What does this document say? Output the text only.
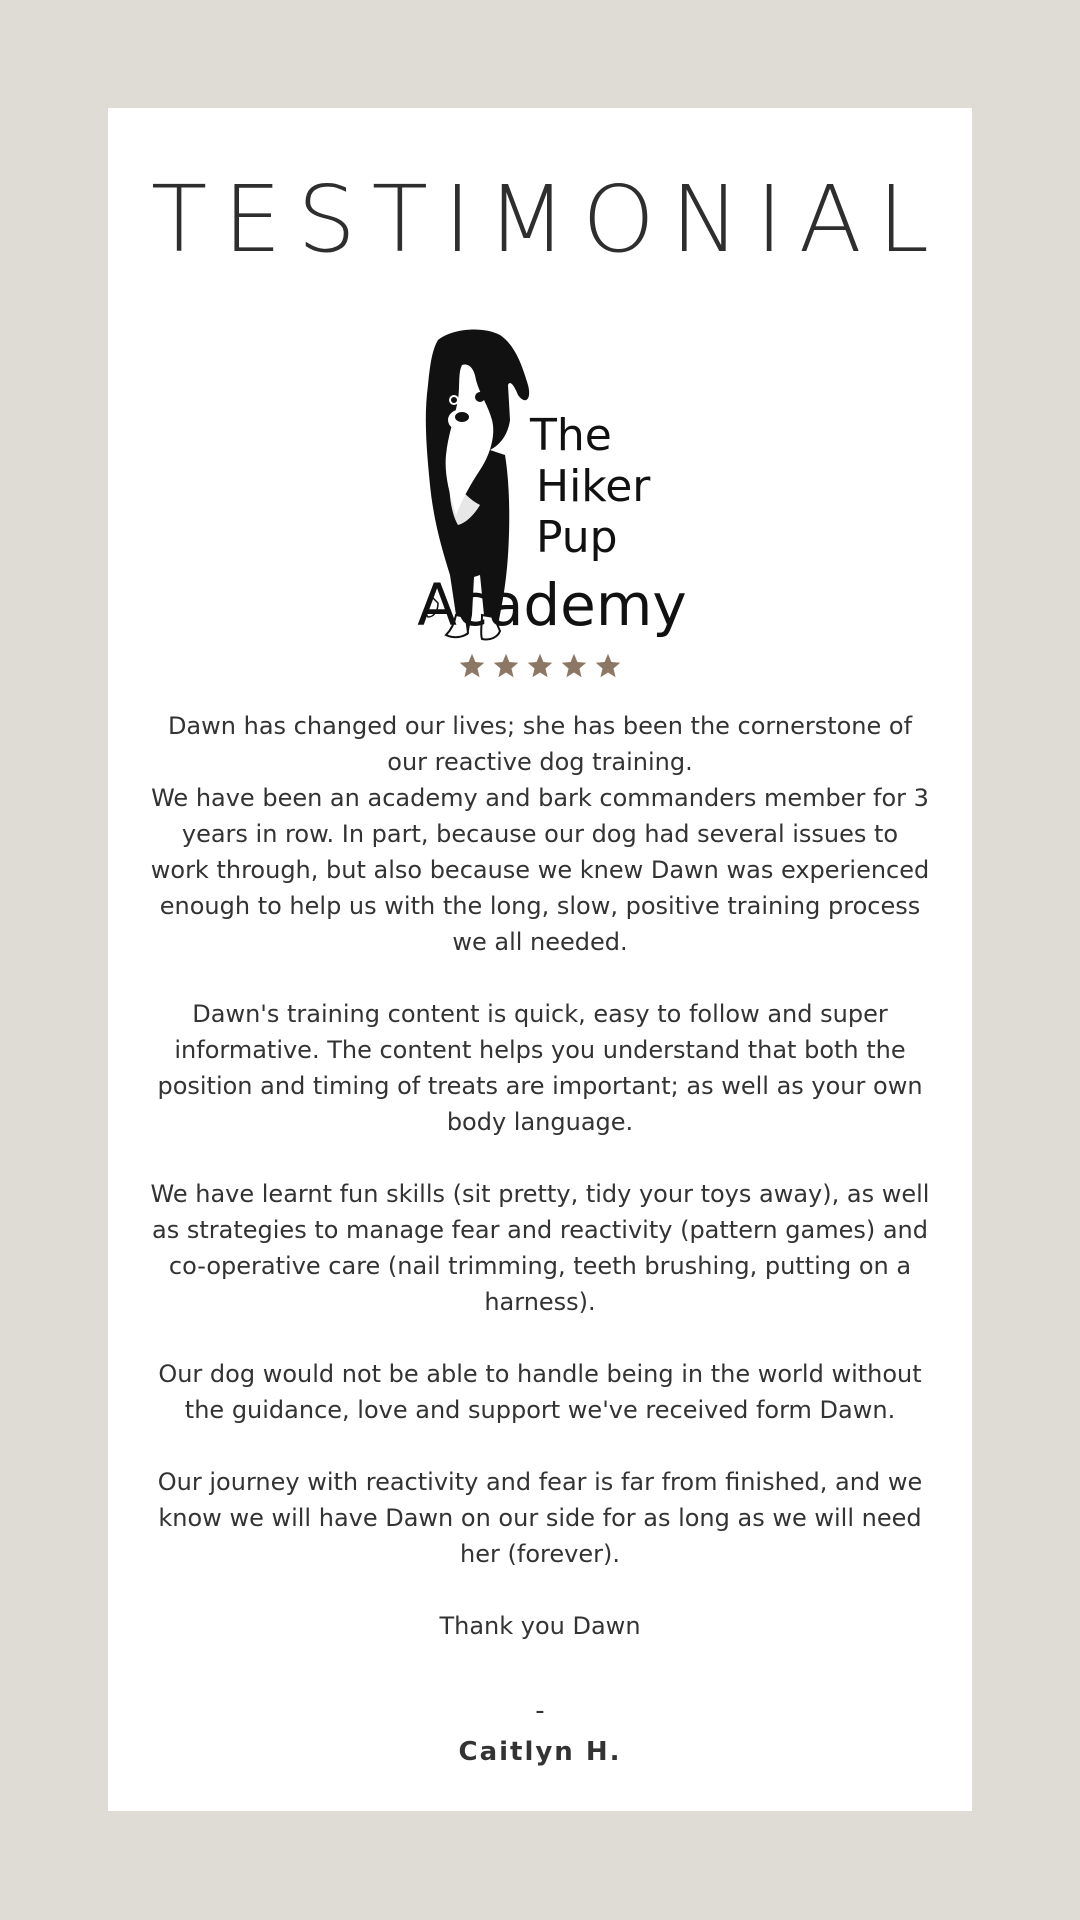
TESTIMONIAL
The
Hiker
Pup
Academy

Dawn has changed our lives; she has been the cornerstone of our reactive dog training.

We have been an academy and bark commanders member for 3 years in row. In part, because our dog had several issues to work through, but also because we knew Dawn was experienced enough to help us with the long, slow, positive training process we all needed.

Dawn's training content is quick, easy to follow and super informative. The content helps you understand that both the position and timing of treats are important; as well as your own body language.

We have learnt fun skills (sit pretty, tidy your toys away), as well as strategies to manage fear and reactivity (pattern games) and co-operative care (nail trimming, teeth brushing, putting on a harness).

Our dog would not be able to handle being in the world without the guidance, love and support we've received form Dawn.

Our journey with reactivity and fear is far from finished, and we know we will have Dawn on our side for as long as we will need her (forever).

Thank you Dawn

-
Caitlyn H.
